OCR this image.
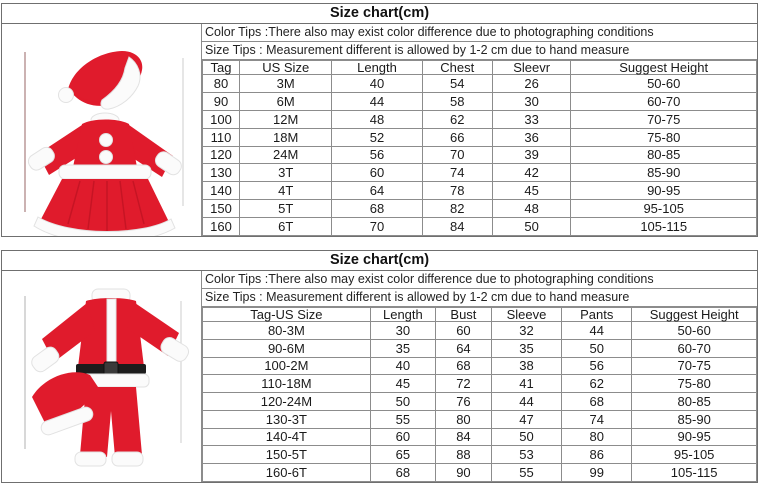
Size chart(cm)
Color Tips :There also may exist color difference due to photographing conditions
Size Tips : Measurement different is allowed by 1-2 cm due to hand measure
Tag	US Size	Length	Chest	Sleevr	Suggest Height
80	3M	40	54	26	50-60
90	6M	44	58	30	60-70
100	12M	48	62	33	70-75
110	18M	52	66	36	75-80
120	24M	56	70	39	80-85
130	3T	60	74	42	85-90
140	4T	64	78	45	90-95
150	5T	68	82	48	95-105
160	6T	70	84	50	105-115
Size chart(cm)
Color Tips :There also may exist color difference due to photographing conditions
Size Tips : Measurement different is allowed by 1-2 cm due to hand measure
Tag-US Size	Length	Bust	Sleeve	Pants	Suggest Height
80-3M	30	60	32	44	50-60
90-6M	35	64	35	50	60-70
100-2M	40	68	38	56	70-75
110-18M	45	72	41	62	75-80
120-24M	50	76	44	68	80-85
130-3T	55	80	47	74	85-90
140-4T	60	84	50	80	90-95
150-5T	65	88	53	86	95-105
160-6T	68	90	55	99	105-115
